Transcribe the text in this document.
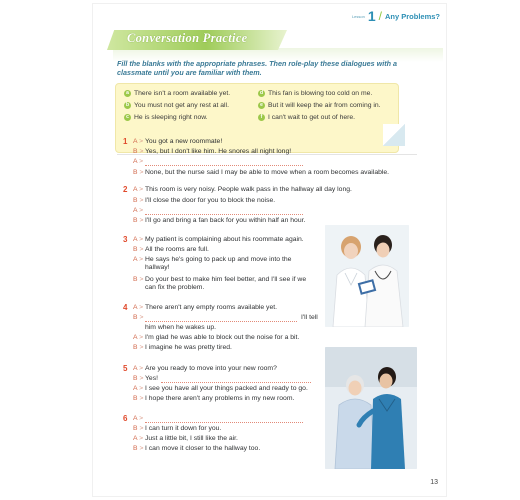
Lesson 1 / Any Problems?
Conversation Practice
Fill the blanks with the appropriate phrases. Then role-play these dialogues with a classmate until you are familiar with them.
a There isn't a room available yet.
b You must not get any rest at all.
c He is sleeping right now.
d This fan is blowing too cold on me.
e But it will keep the air from coming in.
f I can't wait to get out of here.
1 A > You got a new roommate!
B > Yes, but I don't like him. He snores all night long!
A >
B > None, but the nurse said I may be able to move when a room becomes available.
2 A > This room is very noisy. People walk pass in the hallway all day long.
B > I'll close the door for you to block the noise.
A >
B > I'll go and bring a fan back for you within half an hour.
3 A > My patient is complaining about his roommate again.
B > All the rooms are full.
A > He says he's going to pack up and move into the hallway!
B > Do your best to make him feel better, and I'll see if we can fix the problem.
4 A > There aren't any empty rooms available yet.
B >	I'll tell
him when he wakes up.
A > I'm glad he was able to block out the noise for a bit.
B > I imagine he was pretty tired.
5 A > Are you ready to move into your new room?
B > Yes!
A > I see you have all your things packed and ready to go.
B > I hope there aren't any problems in my new room.
6 A >
B > I can turn it down for you.
A > Just a little bit, I still like the air.
B > I can move it closer to the hallway too.
13
